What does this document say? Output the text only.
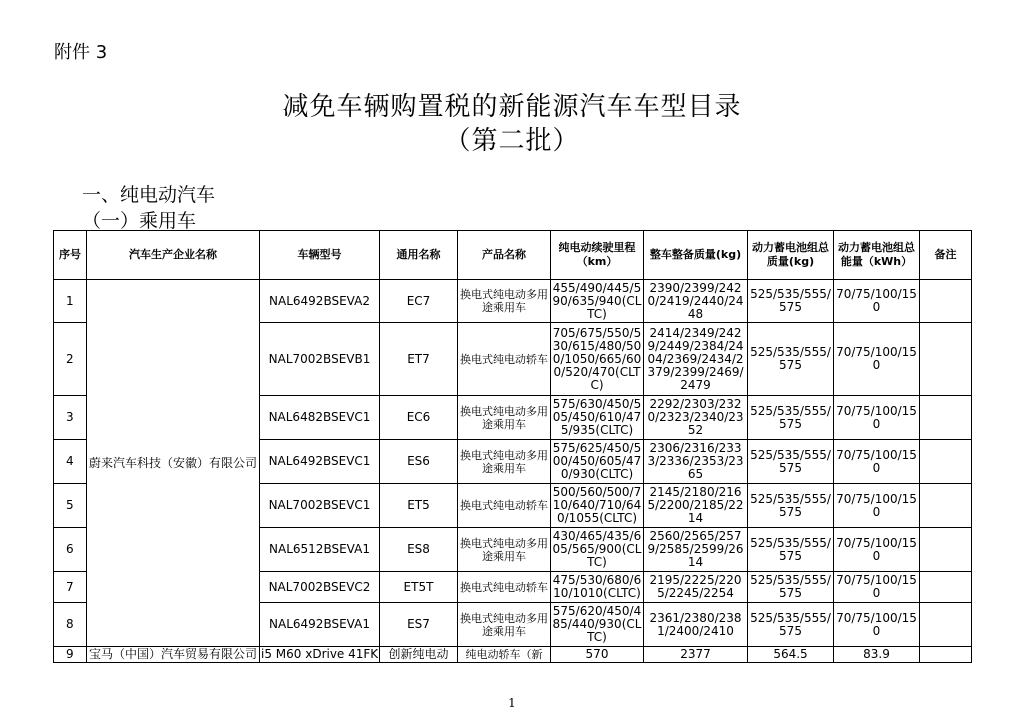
附件 3
减免车辆购置税的新能源汽车车型目录
（第二批）
一、纯电动汽车
（一）乘用车
序号	汽车生产企业名称	车辆型号	通用名称	产品名称	纯电动续驶里程（km）	整车整备质量(kg)	动力蓄电池组总质量(kg)	动力蓄电池组总能量（kWh）	备注
1	蔚来汽车科技（安徽）有限公司	NAL6492BSEVA2	EC7	换电式纯电动多用途乘用车	455/490/445/590/635/940(CLTC)	2390/2399/2420/2419/2440/2448	525/535/555/575	70/75/100/150	
2		NAL7002BSEVB1	ET7	换电式纯电动轿车	705/675/550/530/615/480/500/1050/665/600/520/470(CLTC)	2414/2349/2429/2449/2384/2404/2369/2434/2379/2399/2469/2479	525/535/555/575	70/75/100/150	
3		NAL6482BSEVC1	EC6	换电式纯电动多用途乘用车	575/630/450/505/450/610/475/935(CLTC)	2292/2303/2320/2323/2340/2352	525/535/555/575	70/75/100/150	
4		NAL6492BSEVC1	ES6	换电式纯电动多用途乘用车	575/625/450/500/450/605/470/930(CLTC)	2306/2316/2333/2336/2353/2365	525/535/555/575	70/75/100/150	
5		NAL7002BSEVC1	ET5	换电式纯电动轿车	500/560/500/710/640/710/640/1055(CLTC)	2145/2180/2165/2200/2185/2214	525/535/555/575	70/75/100/150	
6		NAL6512BSEVA1	ES8	换电式纯电动多用途乘用车	430/465/435/605/565/900(CLTC)	2560/2565/2579/2585/2599/2614	525/535/555/575	70/75/100/150	
7		NAL7002BSEVC2	ET5T	换电式纯电动轿车	475/530/680/610/1010(CLTC)	2195/2225/2205/2245/2254	525/535/555/575	70/75/100/150	
8		NAL6492BSEVA1	ES7	换电式纯电动多用途乘用车	575/620/450/485/440/930(CLTC)	2361/2380/2381/2400/2410	525/535/555/575	70/75/100/150	
9	宝马（中国）汽车贸易有限公司	i5 M60 xDrive 41FK	创新纯电动	纯电动轿车（新	570	2377	564.5	83.9	
1
